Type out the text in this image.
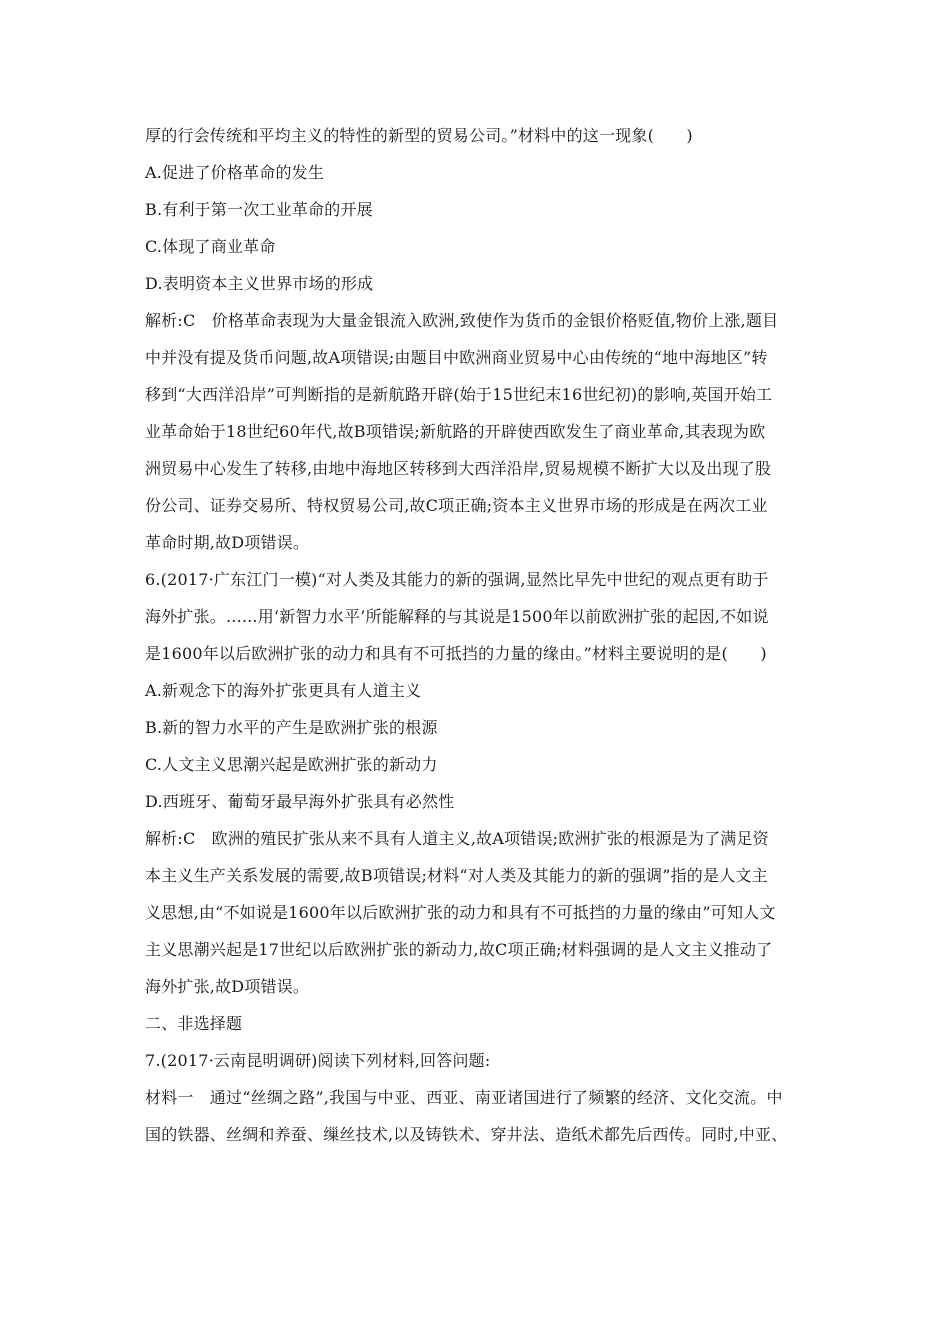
厚的行会传统和平均主义的特性的新型的贸易公司。”材料中的这一现象(　　)
A.促进了价格革命的发生
B.有利于第一次工业革命的开展
C.体现了商业革命
D.表明资本主义世界市场的形成
解析:C　价格革命表现为大量金银流入欧洲,致使作为货币的金银价格贬值,物价上涨,题目
中并没有提及货币问题,故A项错误;由题目中欧洲商业贸易中心由传统的“地中海地区”转
移到“大西洋沿岸”可判断指的是新航路开辟(始于15世纪末16世纪初)的影响,英国开始工
业革命始于18世纪60年代,故B项错误;新航路的开辟使西欧发生了商业革命,其表现为欧
洲贸易中心发生了转移,由地中海地区转移到大西洋沿岸,贸易规模不断扩大以及出现了股
份公司、证券交易所、特权贸易公司,故C项正确;资本主义世界市场的形成是在两次工业
革命时期,故D项错误。
6.(2017·广东江门一模)“对人类及其能力的新的强调,显然比早先中世纪的观点更有助于
海外扩张。......用‘新智力水平’所能解释的与其说是1500年以前欧洲扩张的起因,不如说
是1600年以后欧洲扩张的动力和具有不可抵挡的力量的缘由。”材料主要说明的是(　　)
A.新观念下的海外扩张更具有人道主义
B.新的智力水平的产生是欧洲扩张的根源
C.人文主义思潮兴起是欧洲扩张的新动力
D.西班牙、葡萄牙最早海外扩张具有必然性
解析:C　欧洲的殖民扩张从来不具有人道主义,故A项错误;欧洲扩张的根源是为了满足资
本主义生产关系发展的需要,故B项错误;材料“对人类及其能力的新的强调”指的是人文主
义思想,由“不如说是1600年以后欧洲扩张的动力和具有不可抵挡的力量的缘由”可知人文
主义思潮兴起是17世纪以后欧洲扩张的新动力,故C项正确;材料强调的是人文主义推动了
海外扩张,故D项错误。
二、非选择题
7.(2017·云南昆明调研)阅读下列材料,回答问题:
材料一　通过“丝绸之路”,我国与中亚、西亚、南亚诸国进行了频繁的经济、文化交流。中
国的铁器、丝绸和养蚕、缫丝技术,以及铸铁术、穿井法、造纸术都先后西传。同时,中亚、
